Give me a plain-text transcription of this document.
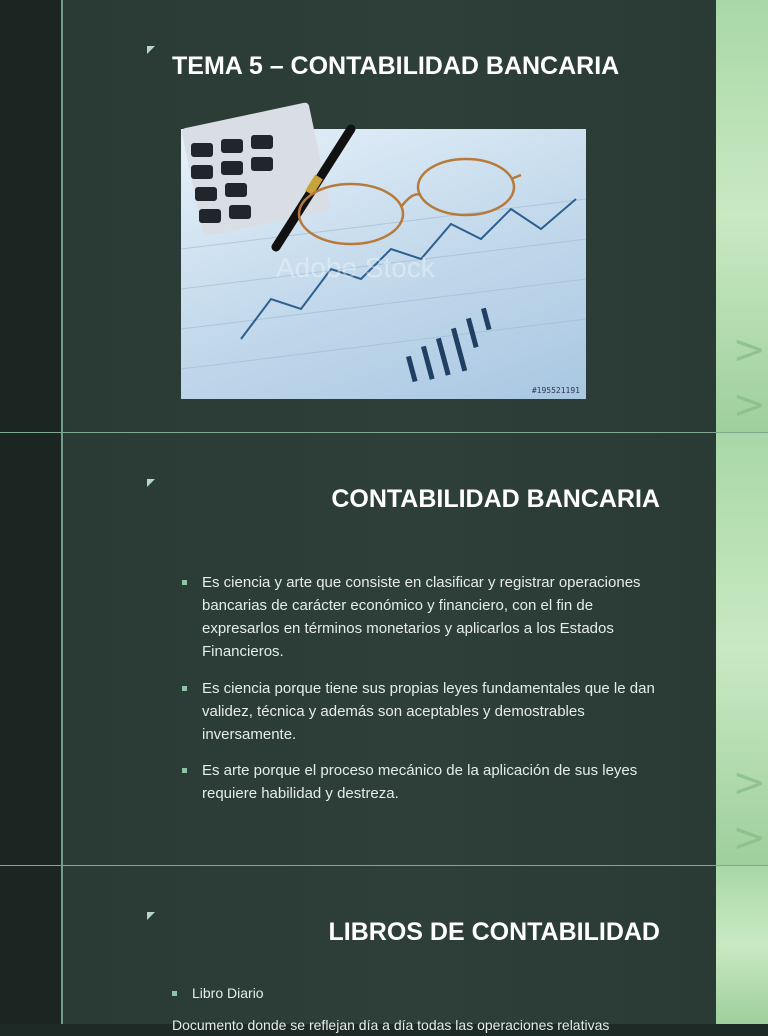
>
>
TEMA 5 – CONTABILIDAD BANCARIA
Adobe Stock
#195521191
>
>
CONTABILIDAD BANCARIA
Es ciencia y arte que consiste en clasificar y registrar operaciones bancarias de carácter económico y financiero, con el fin de expresarlos en términos monetarios y aplicarlos a los Estados Financieros.
Es ciencia porque tiene sus propias leyes fundamentales que le dan validez, técnica y además son aceptables y demostrables inversamente.
Es arte porque el proceso mecánico de la aplicación de sus leyes requiere habilidad y destreza.
LIBROS DE CONTABILIDAD
Libro Diario
Documento donde se reflejan día a día todas las operaciones relativas
